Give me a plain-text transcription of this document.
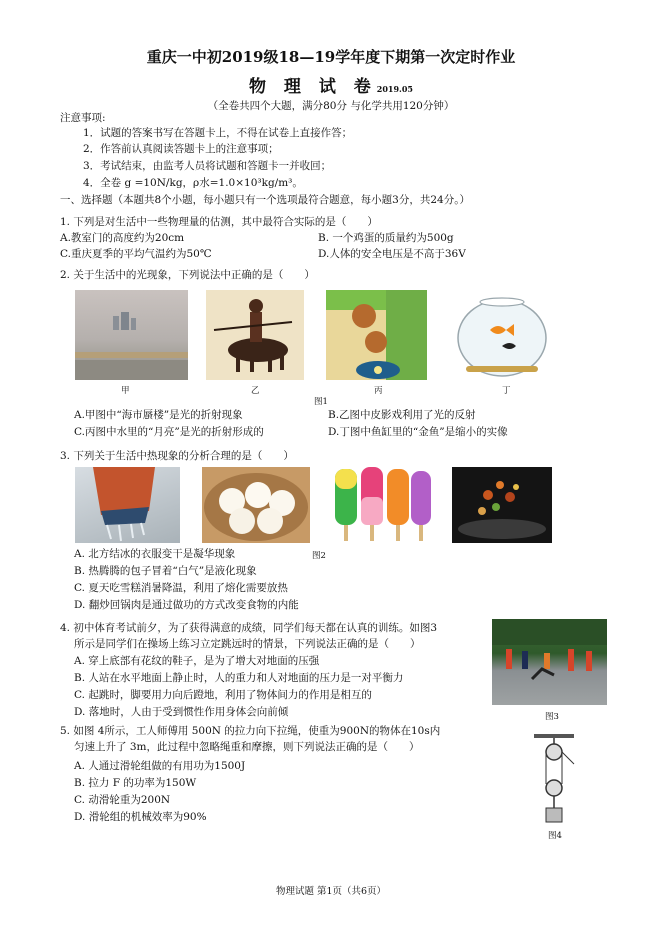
重庆一中初2019级18—19学年度下期第一次定时作业
物 理 试 卷2019.05
（全卷共四个大题，满分80分 与化学共用120分钟）
注意事项:
1．试题的答案书写在答题卡上，不得在试卷上直接作答；
2．作答前认真阅读答题卡上的注意事项；
3．考试结束，由监考人员将试题和答题卡一并收回；
4．全卷 g =10N/kg，ρ水=1.0×10³kg/m³。
一、选择题（本题共8个小题，每小题只有一个选项最符合题意，每小题3分，共24分。）
1. 下列是对生活中一些物理量的估测，其中最符合实际的是（　　）
A.教室门的高度约为20cm	B. 一个鸡蛋的质量约为500g
C.重庆夏季的平均气温约为50℃	D.人体的安全电压是不高于36V
2. 关于生活中的光现象，下列说法中正确的是（　　）
甲	乙	丙	丁
图1
A.甲图中“海市蜃楼”是光的折射现象	B.乙图中皮影戏利用了光的反射
C.丙图中水里的“月亮”是光的折射形成的	D.丁图中鱼缸里的“金鱼”是缩小的实像
3. 下列关于生活中热现象的分析合理的是（　　）
图2
A. 北方结冰的衣服变干是凝华现象
B. 热腾腾的包子冒着“白气”是液化现象
C. 夏天吃雪糕消暑降温，利用了熔化需要放热
D. 翻炒回锅肉是通过做功的方式改变食物的内能
4. 初中体育考试前夕，为了获得满意的成绩，同学们每天都在认真的训练。如图3
所示是同学们在操场上练习立定跳远时的情景，下列说法正确的是（　　）
A. 穿上底部有花纹的鞋子，是为了增大对地面的压强
B. 人站在水平地面上静止时，人的重力和人对地面的压力是一对平衡力
C. 起跳时，脚要用力向后蹬地，利用了物体间力的作用是相互的
D. 落地时，人由于受到惯性作用身体会向前倾	图3
5. 如图 4所示，工人师傅用 500N 的拉力向下拉绳，使重为900N的物体在10s内
匀速上升了 3m，此过程中忽略绳重和摩擦，则下列说法正确的是（　　）
A. 人通过滑轮组做的有用功为1500J
B. 拉力 F 的功率为150W
C. 动滑轮重为200N
D. 滑轮组的机械效率为90%
图4
物理试题 第1页（共6页）
